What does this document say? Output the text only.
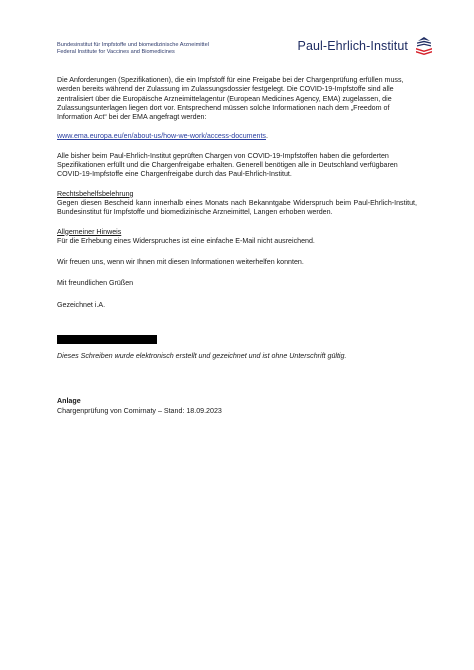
Bundesinstitut für Impfstoffe und biomedizinische Arzneimittel
Federal Institute for Vaccines and Biomedicines	Paul-Ehrlich-Institut

Die Anforderungen (Spezifikationen), die ein Impfstoff für eine Freigabe bei der Chargenprüfung erfüllen muss, werden bereits während der Zulassung im Zulassungsdossier festgelegt. Die COVID-19-Impfstoffe sind alle zentralisiert über die Europäische Arzneimittelagentur (European Medicines Agency, EMA) zugelassen, die Zulassungsunterlagen liegen dort vor. Entsprechend müssen solche Informationen nach dem „Freedom of Information Act“ bei der EMA angefragt werden:

www.ema.europa.eu/en/about-us/how-we-work/access-documents.

Alle bisher beim Paul-Ehrlich-Institut geprüften Chargen von COVID-19-Impfstoffen haben die geforderten Spezifikationen erfüllt und die Chargenfreigabe erhalten. Generell benötigen alle in Deutschland verfügbaren COVID-19-Impfstoffe eine Chargenfreigabe durch das Paul-Ehrlich-Institut.

Rechtsbehelfsbelehrung

Gegen diesen Bescheid kann innerhalb eines Monats nach Bekanntgabe Widerspruch beim Paul-Ehrlich-Institut, Bundesinstitut für Impfstoffe und biomedizinische Arzneimittel, Langen erhoben werden.

Allgemeiner Hinweis

Für die Erhebung eines Widerspruches ist eine einfache E-Mail nicht ausreichend.

Wir freuen uns, wenn wir Ihnen mit diesen Informationen weiterhelfen konnten.

Mit freundlichen Grüßen

Gezeichnet i.A.

Dieses Schreiben wurde elektronisch erstellt und gezeichnet und ist ohne Unterschrift gültig.

Anlage

Chargenprüfung von Comirnaty – Stand: 18.09.2023
